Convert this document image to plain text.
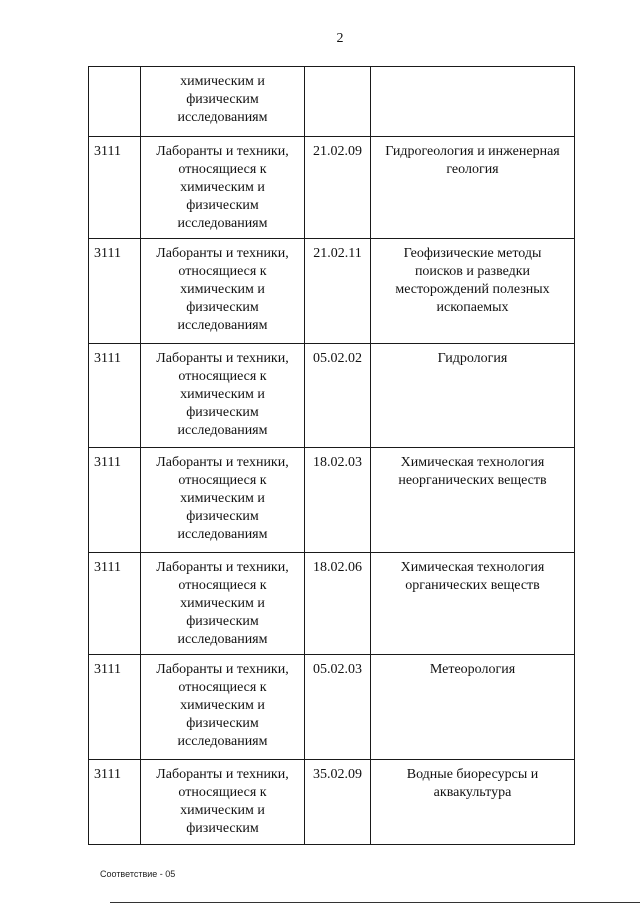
2

	химическим и
физическим
исследованиям		

3111	Лаборанты и техники,
относящиеся к
химическим и
физическим
исследованиям	21.02.09	Гидрогеология и инженерная
геология

3111	Лаборанты и техники,
относящиеся к
химическим и
физическим
исследованиям	21.02.11	Геофизические методы
поисков и разведки
месторождений полезных
ископаемых

3111	Лаборанты и техники,
относящиеся к
химическим и
физическим
исследованиям	05.02.02	Гидрология

3111	Лаборанты и техники,
относящиеся к
химическим и
физическим
исследованиям	18.02.03	Химическая технология
неорганических веществ

3111	Лаборанты и техники,
относящиеся к
химическим и
физическим
исследованиям	18.02.06	Химическая технология
органических веществ

3111	Лаборанты и техники,
относящиеся к
химическим и
физическим
исследованиям	05.02.03	Метеорология

3111	Лаборанты и техники,
относящиеся к
химическим и
физическим	35.02.09	Водные биоресурсы и
аквакультура
Соответствие - 05
